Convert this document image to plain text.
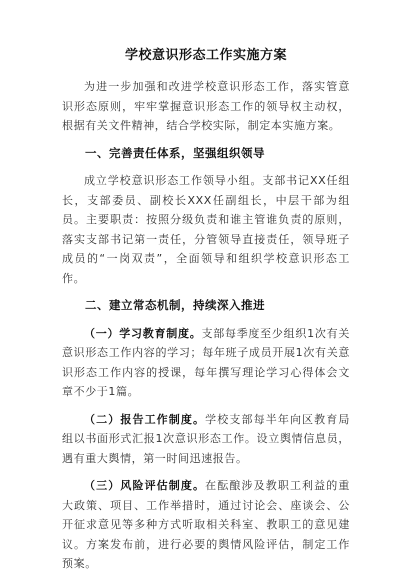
学校意识形态工作实施方案

为进一步加强和改进学校意识形态工作，落实管意识形态原则，牢牢掌握意识形态工作的领导权主动权，根据有关文件精神，结合学校实际，制定本实施方案。

一、完善责任体系，坚强组织领导

成立学校意识形态工作领导小组。支部书记XX任组长，支部委员、副校长XXX任副组长，中层干部为组员。主要职责：按照分级负责和谁主管谁负责的原则，落实支部书记第一责任，分管领导直接责任，领导班子成员的“一岗双责”，全面领导和组织学校意识形态工作。

二、建立常态机制，持续深入推进

（一）学习教育制度。支部每季度至少组织1次有关意识形态工作内容的学习；每年班子成员开展1次有关意识形态工作内容的授课，每年撰写理论学习心得体会文章不少于1篇。

（二）报告工作制度。学校支部每半年向区教育局组以书面形式汇报1次意识形态工作。设立舆情信息员，遇有重大舆情，第一时间迅速报告。

（三）风险评估制度。在酝酿涉及教职工利益的重大政策、项目、工作举措时，通过讨论会、座谈会、公开征求意见等多种方式听取相关科室、教职工的意见建议。方案发布前，进行必要的舆情风险评估，制定工作预案。
